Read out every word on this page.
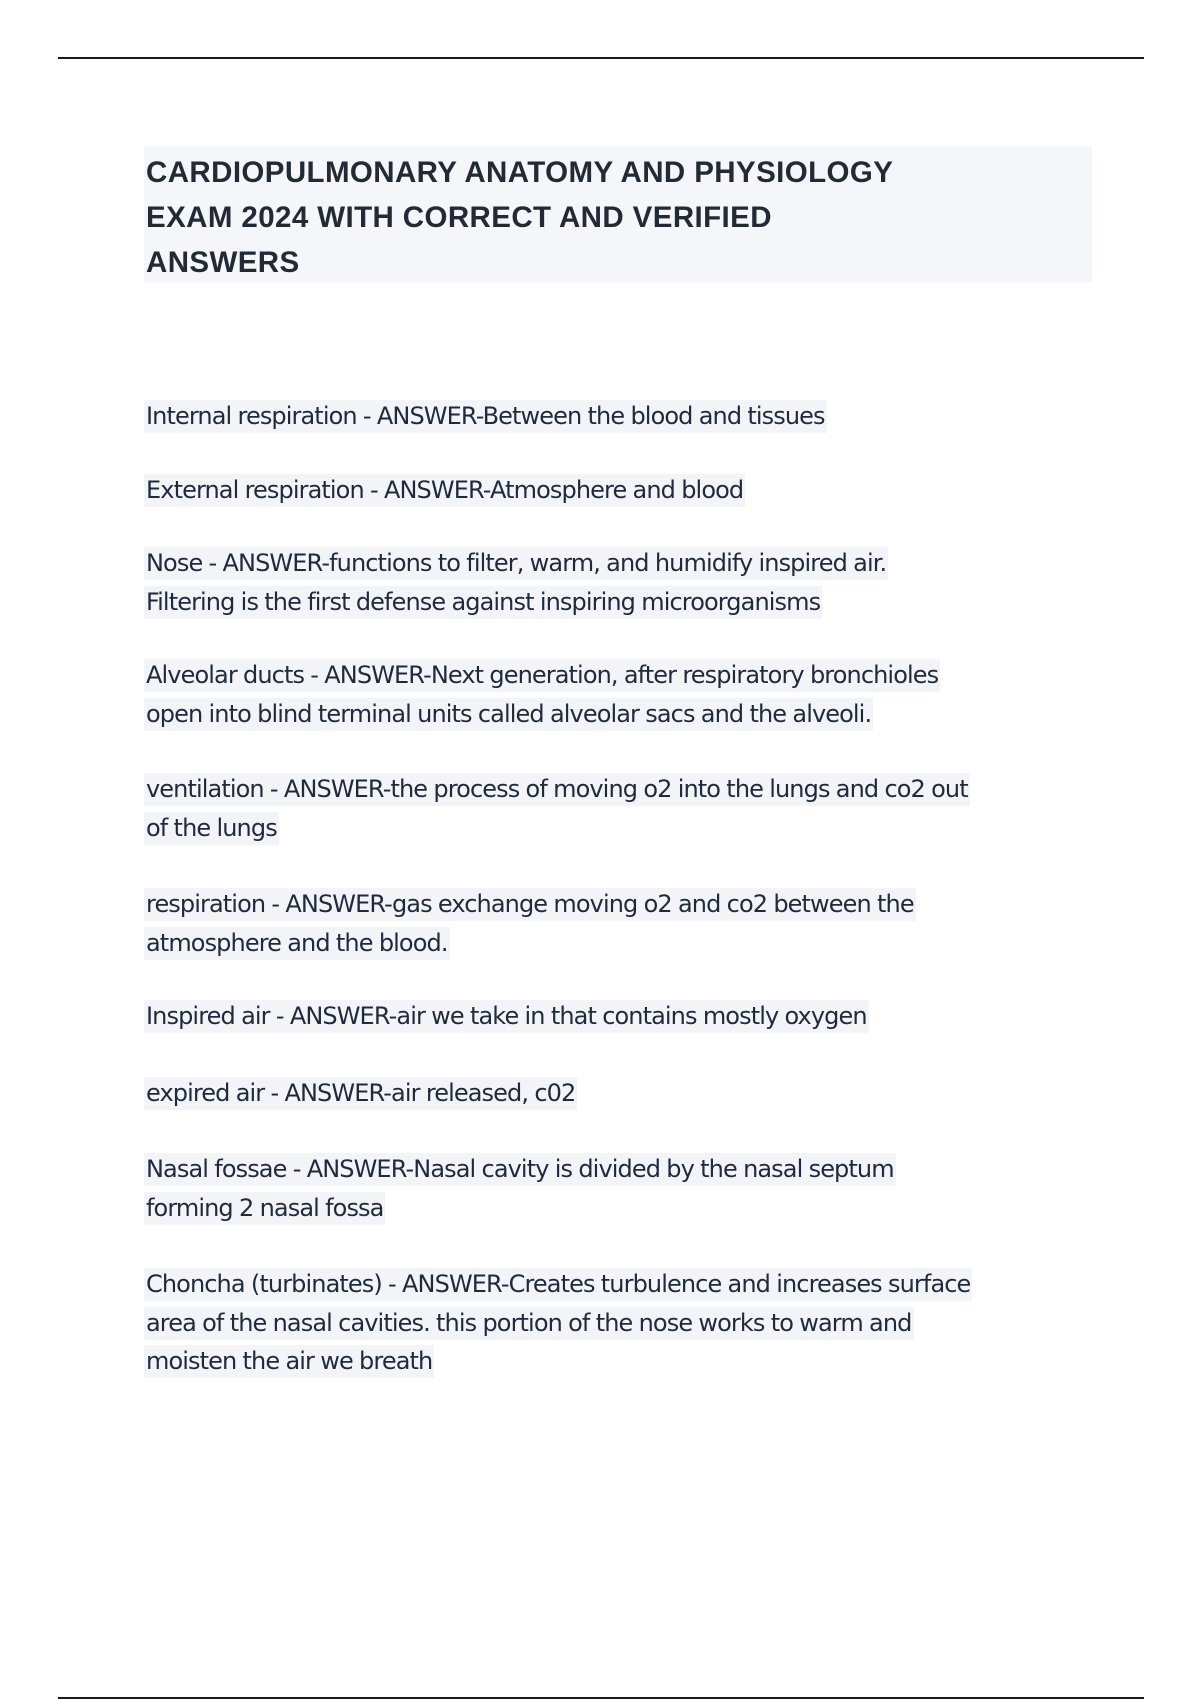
CARDIOPULMONARY ANATOMY AND PHYSIOLOGY
EXAM 2024 WITH CORRECT AND VERIFIED
ANSWERS
Internal respiration - ANSWER-Between the blood and tissues
External respiration - ANSWER-Atmosphere and blood
Nose - ANSWER-functions to filter, warm, and humidify inspired air.
Filtering is the first defense against inspiring microorganisms
Alveolar ducts - ANSWER-Next generation, after respiratory bronchioles
open into blind terminal units called alveolar sacs and the alveoli.
ventilation - ANSWER-the process of moving o2 into the lungs and co2 out
of the lungs
respiration - ANSWER-gas exchange moving o2 and co2 between the
atmosphere and the blood.
Inspired air - ANSWER-air we take in that contains mostly oxygen
expired air - ANSWER-air released, c02
Nasal fossae - ANSWER-Nasal cavity is divided by the nasal septum
forming 2 nasal fossa
Choncha (turbinates) - ANSWER-Creates turbulence and increases surface
area of the nasal cavities. this portion of the nose works to warm and
moisten the air we breath
